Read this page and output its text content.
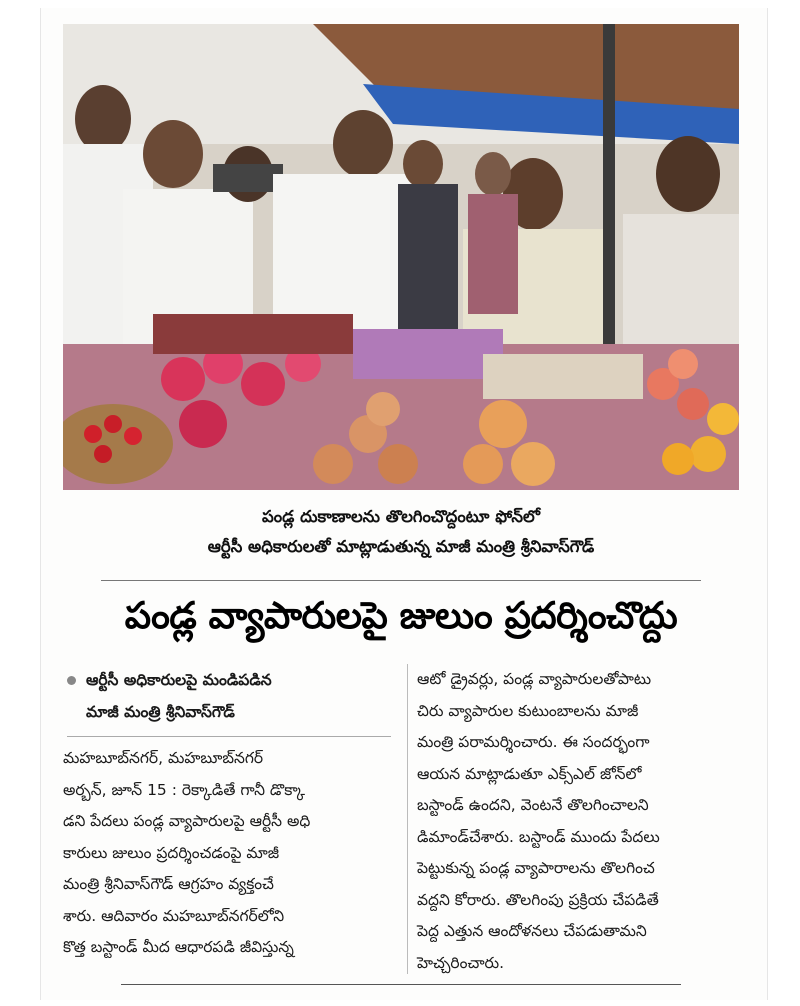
పండ్ల దుకాణాలను తొలగించొద్దంటూ ఫోన్‌లో
ఆర్టీసీ అధికారులతో మాట్లాడుతున్న మాజీ మంత్రి శ్రీనివాస్‌గౌడ్
పండ్ల వ్యాపారులపై జులుం ప్రదర్శించొద్దు
ఆర్టీసీ అధికారులపై మండిపడిన
మాజీ మంత్రి శ్రీనివాస్‌గౌడ్
మహబూబ్‌నగర్, మహబూబ్‌నగర్
అర్బన్, జూన్ 15 : రెక్కాడితే గానీ డొక్కా
డని పేదలు పండ్ల వ్యాపారులపై ఆర్టీసీ అధి
కారులు జులుం ప్రదర్శించడంపై మాజీ
మంత్రి శ్రీనివాస్‌గౌడ్ ఆగ్రహం వ్యక్తంచే
శారు. ఆదివారం మహబూబ్‌నగర్‌లోని
కొత్త బస్టాండ్ మీద ఆధారపడి జీవిస్తున్న
ఆటో డ్రైవర్లు, పండ్ల వ్యాపారులతోపాటు
చిరు వ్యాపారుల కుటుంబాలను మాజీ
మంత్రి పరామర్శించారు. ఈ సందర్భంగా
ఆయన మాట్లాడుతూ ఎక్స్‌ఎల్ జోన్‌లో
బస్టాండ్ ఉందని, వెంటనే తొలగించాలని
డిమాండ్‌చేశారు. బస్టాండ్ ముందు పేదలు
పెట్టుకున్న పండ్ల వ్యాపారాలను తొలగించ
వద్దని కోరారు. తొలగింపు ప్రక్రియ చేపడితే
పెద్ద ఎత్తున ఆందోళనలు చేపడుతామని
హెచ్చరించారు.
